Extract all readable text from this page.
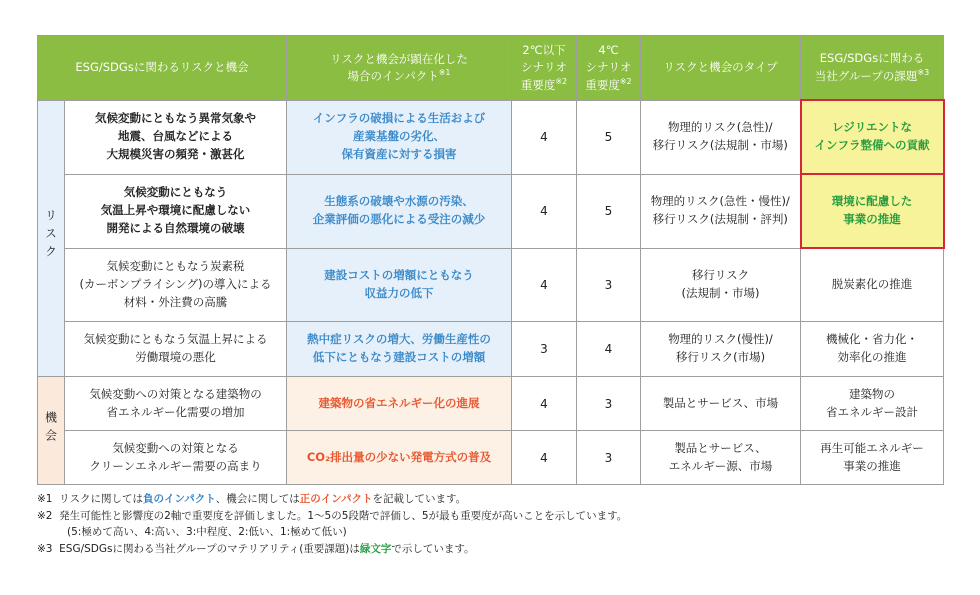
ESG/SDGsに関わるリスクと機会		リスクと機会が顕在化した
場合のインパクト$^{※1}$	2℃以下
シナリオ
重要度$^{※2}$	4℃
シナリオ
重要度$^{※2}$	リスクと機会のタイプ	ESG/SDGsに関わる
当社グループの課題$^{※3}$
リスク	気候変動にともなう異常気象や
地震、台風などによる
大規模災害の頻発・激甚化	インフラの破損による生活および
産業基盤の劣化、
保有資産に対する損害	4	5	物理的リスク(急性)/
移行リスク(法規制・市場)	レジリエントな
インフラ整備への貢献
	気候変動にともなう
気温上昇や環境に配慮しない
開発による自然環境の破壊	生態系の破壊や水源の汚染、
企業評価の悪化による受注の減少	4	5	物理的リスク(急性・慢性)/
移行リスク(法規制・評判)	環境に配慮した
事業の推進
	気候変動にともなう炭素税
(カーボンプライシング)の導入による
材料・外注費の高騰	建設コストの増額にともなう
収益力の低下	4	3	移行リスク
(法規制・市場)	脱炭素化の推進
	気候変動にともなう気温上昇による
労働環境の悪化	熱中症リスクの増大、労働生産性の
低下にともなう建設コストの増額	3	4	物理的リスク(慢性)/
移行リスク(市場)	機械化・省力化・
効率化の推進
機会	気候変動への対策となる建築物の
省エネルギー化需要の増加	建築物の省エネルギー化の進展	4	3	製品とサービス、市場	建築物の
省エネルギー設計
	気候変動への対策となる
クリーンエネルギー需要の高まり	CO₂排出量の少ない発電方式の普及	4	3	製品とサービス、
エネルギー源、市場	再生可能エネルギー
事業の推進
※1 リスクに関しては負のインパクト、機会に関しては正のインパクトを記載しています。
※2 発生可能性と影響度の2軸で重要度を評価しました。1～5の5段階で評価し、5が最も重要度が高いことを示しています。
(5:極めて高い、4:高い、3:中程度、2:低い、1:極めて低い)
※3 ESG/SDGsに関わる当社グループのマテリアリティ(重要課題)は緑文字で示しています。
